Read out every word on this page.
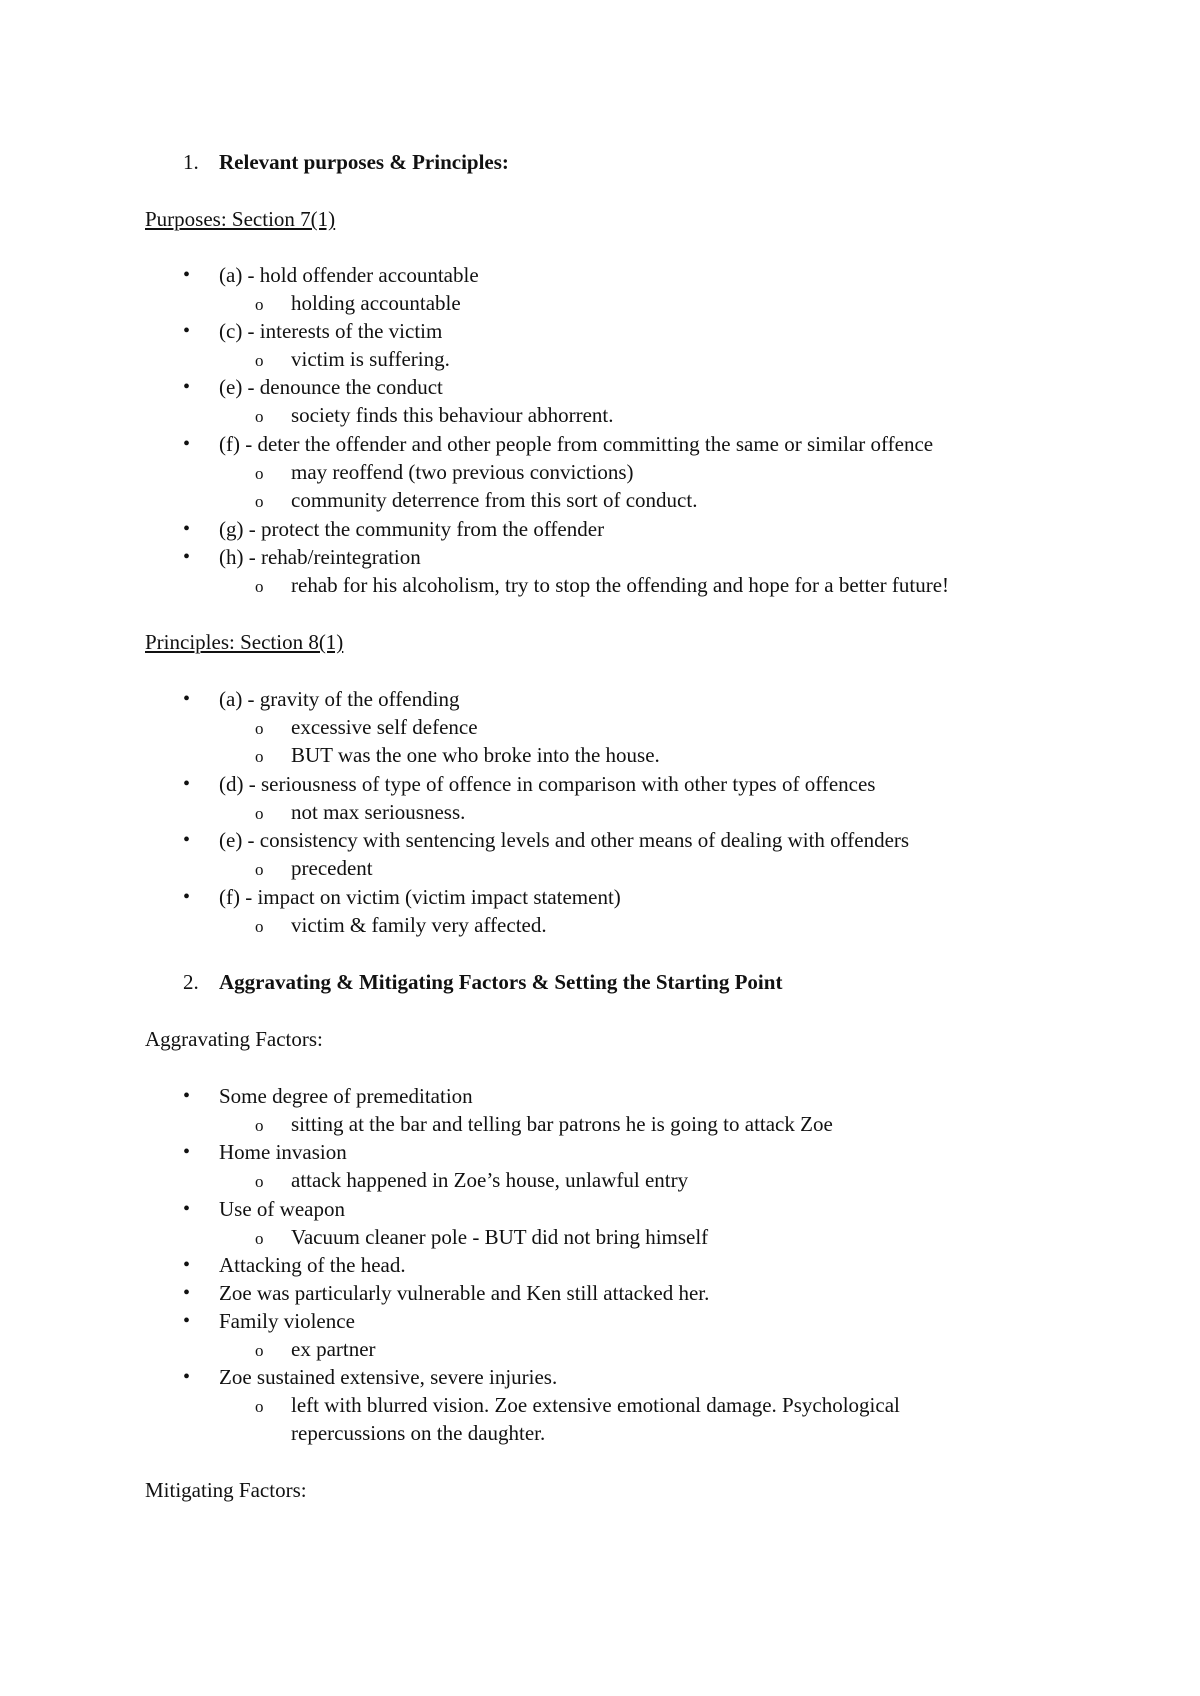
1. Relevant purposes & Principles:
Purposes: Section 7(1)
• (a) - hold offender accountable
o holding accountable
• (c) - interests of the victim
o victim is suffering.
• (e) - denounce the conduct
o society finds this behaviour abhorrent.
• (f) - deter the offender and other people from committing the same or similar offence
o may reoffend (two previous convictions)
o community deterrence from this sort of conduct.
• (g) - protect the community from the offender
• (h) - rehab/reintegration
o rehab for his alcoholism, try to stop the offending and hope for a better future!
Principles: Section 8(1)
• (a) - gravity of the offending
o excessive self defence
o BUT was the one who broke into the house.
• (d) - seriousness of type of offence in comparison with other types of offences
o not max seriousness.
• (e) - consistency with sentencing levels and other means of dealing with offenders
o precedent
• (f) - impact on victim (victim impact statement)
o victim & family very affected.
2. Aggravating & Mitigating Factors & Setting the Starting Point
Aggravating Factors:
• Some degree of premeditation
o sitting at the bar and telling bar patrons he is going to attack Zoe
• Home invasion
o attack happened in Zoe’s house, unlawful entry
• Use of weapon
o Vacuum cleaner pole - BUT did not bring himself
• Attacking of the head.
• Zoe was particularly vulnerable and Ken still attacked her.
• Family violence
o ex partner
• Zoe sustained extensive, severe injuries.
o left with blurred vision. Zoe extensive emotional damage. Psychological
repercussions on the daughter.
Mitigating Factors:
